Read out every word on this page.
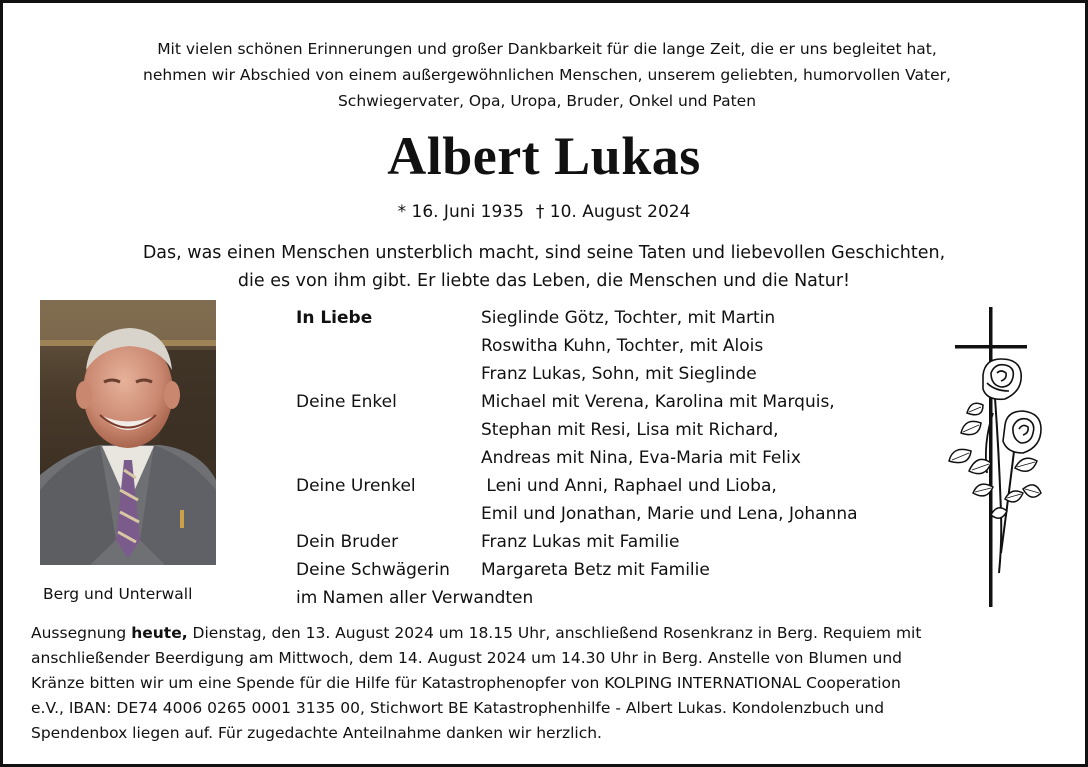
Mit vielen schönen Erinnerungen und großer Dankbarkeit für die lange Zeit, die er uns begleitet hat,
nehmen wir Abschied von einem außergewöhnlichen Menschen, unserem geliebten, humorvollen Vater,
Schwiegervater, Opa, Uropa, Bruder, Onkel und Paten
Albert Lukas
* 16. Juni 1935 † 10. August 2024
Das, was einen Menschen unsterblich macht, sind seine Taten und liebevollen Geschichten,
die es von ihm gibt. Er liebte das Leben, die Menschen und die Natur!
Berg und Unterwall
In Liebe	Sieglinde Götz, Tochter, mit Martin
Roswitha Kuhn, Tochter, mit Alois
Franz Lukas, Sohn, mit Sieglinde
Deine Enkel	Michael mit Verena, Karolina mit Marquis,
Stephan mit Resi, Lisa mit Richard,
Andreas mit Nina, Eva-Maria mit Felix
Deine Urenkel	Leni und Anni, Raphael und Lioba,
Emil und Jonathan, Marie und Lena, Johanna
Dein Bruder	Franz Lukas mit Familie
Deine Schwägerin	Margareta Betz mit Familie
im Namen aller Verwandten
Aussegnung heute, Dienstag, den 13. August 2024 um 18.15 Uhr, anschließend Rosenkranz in Berg. Requiem mit
anschließender Beerdigung am Mittwoch, dem 14. August 2024 um 14.30 Uhr in Berg. Anstelle von Blumen und
Kränze bitten wir um eine Spende für die Hilfe für Katastrophenopfer von KOLPING INTERNATIONAL Cooperation
e.V., IBAN: DE74 4006 0265 0001 3135 00, Stichwort BE Katastrophenhilfe - Albert Lukas. Kondolenzbuch und
Spendenbox liegen auf. Für zugedachte Anteilnahme danken wir herzlich.
